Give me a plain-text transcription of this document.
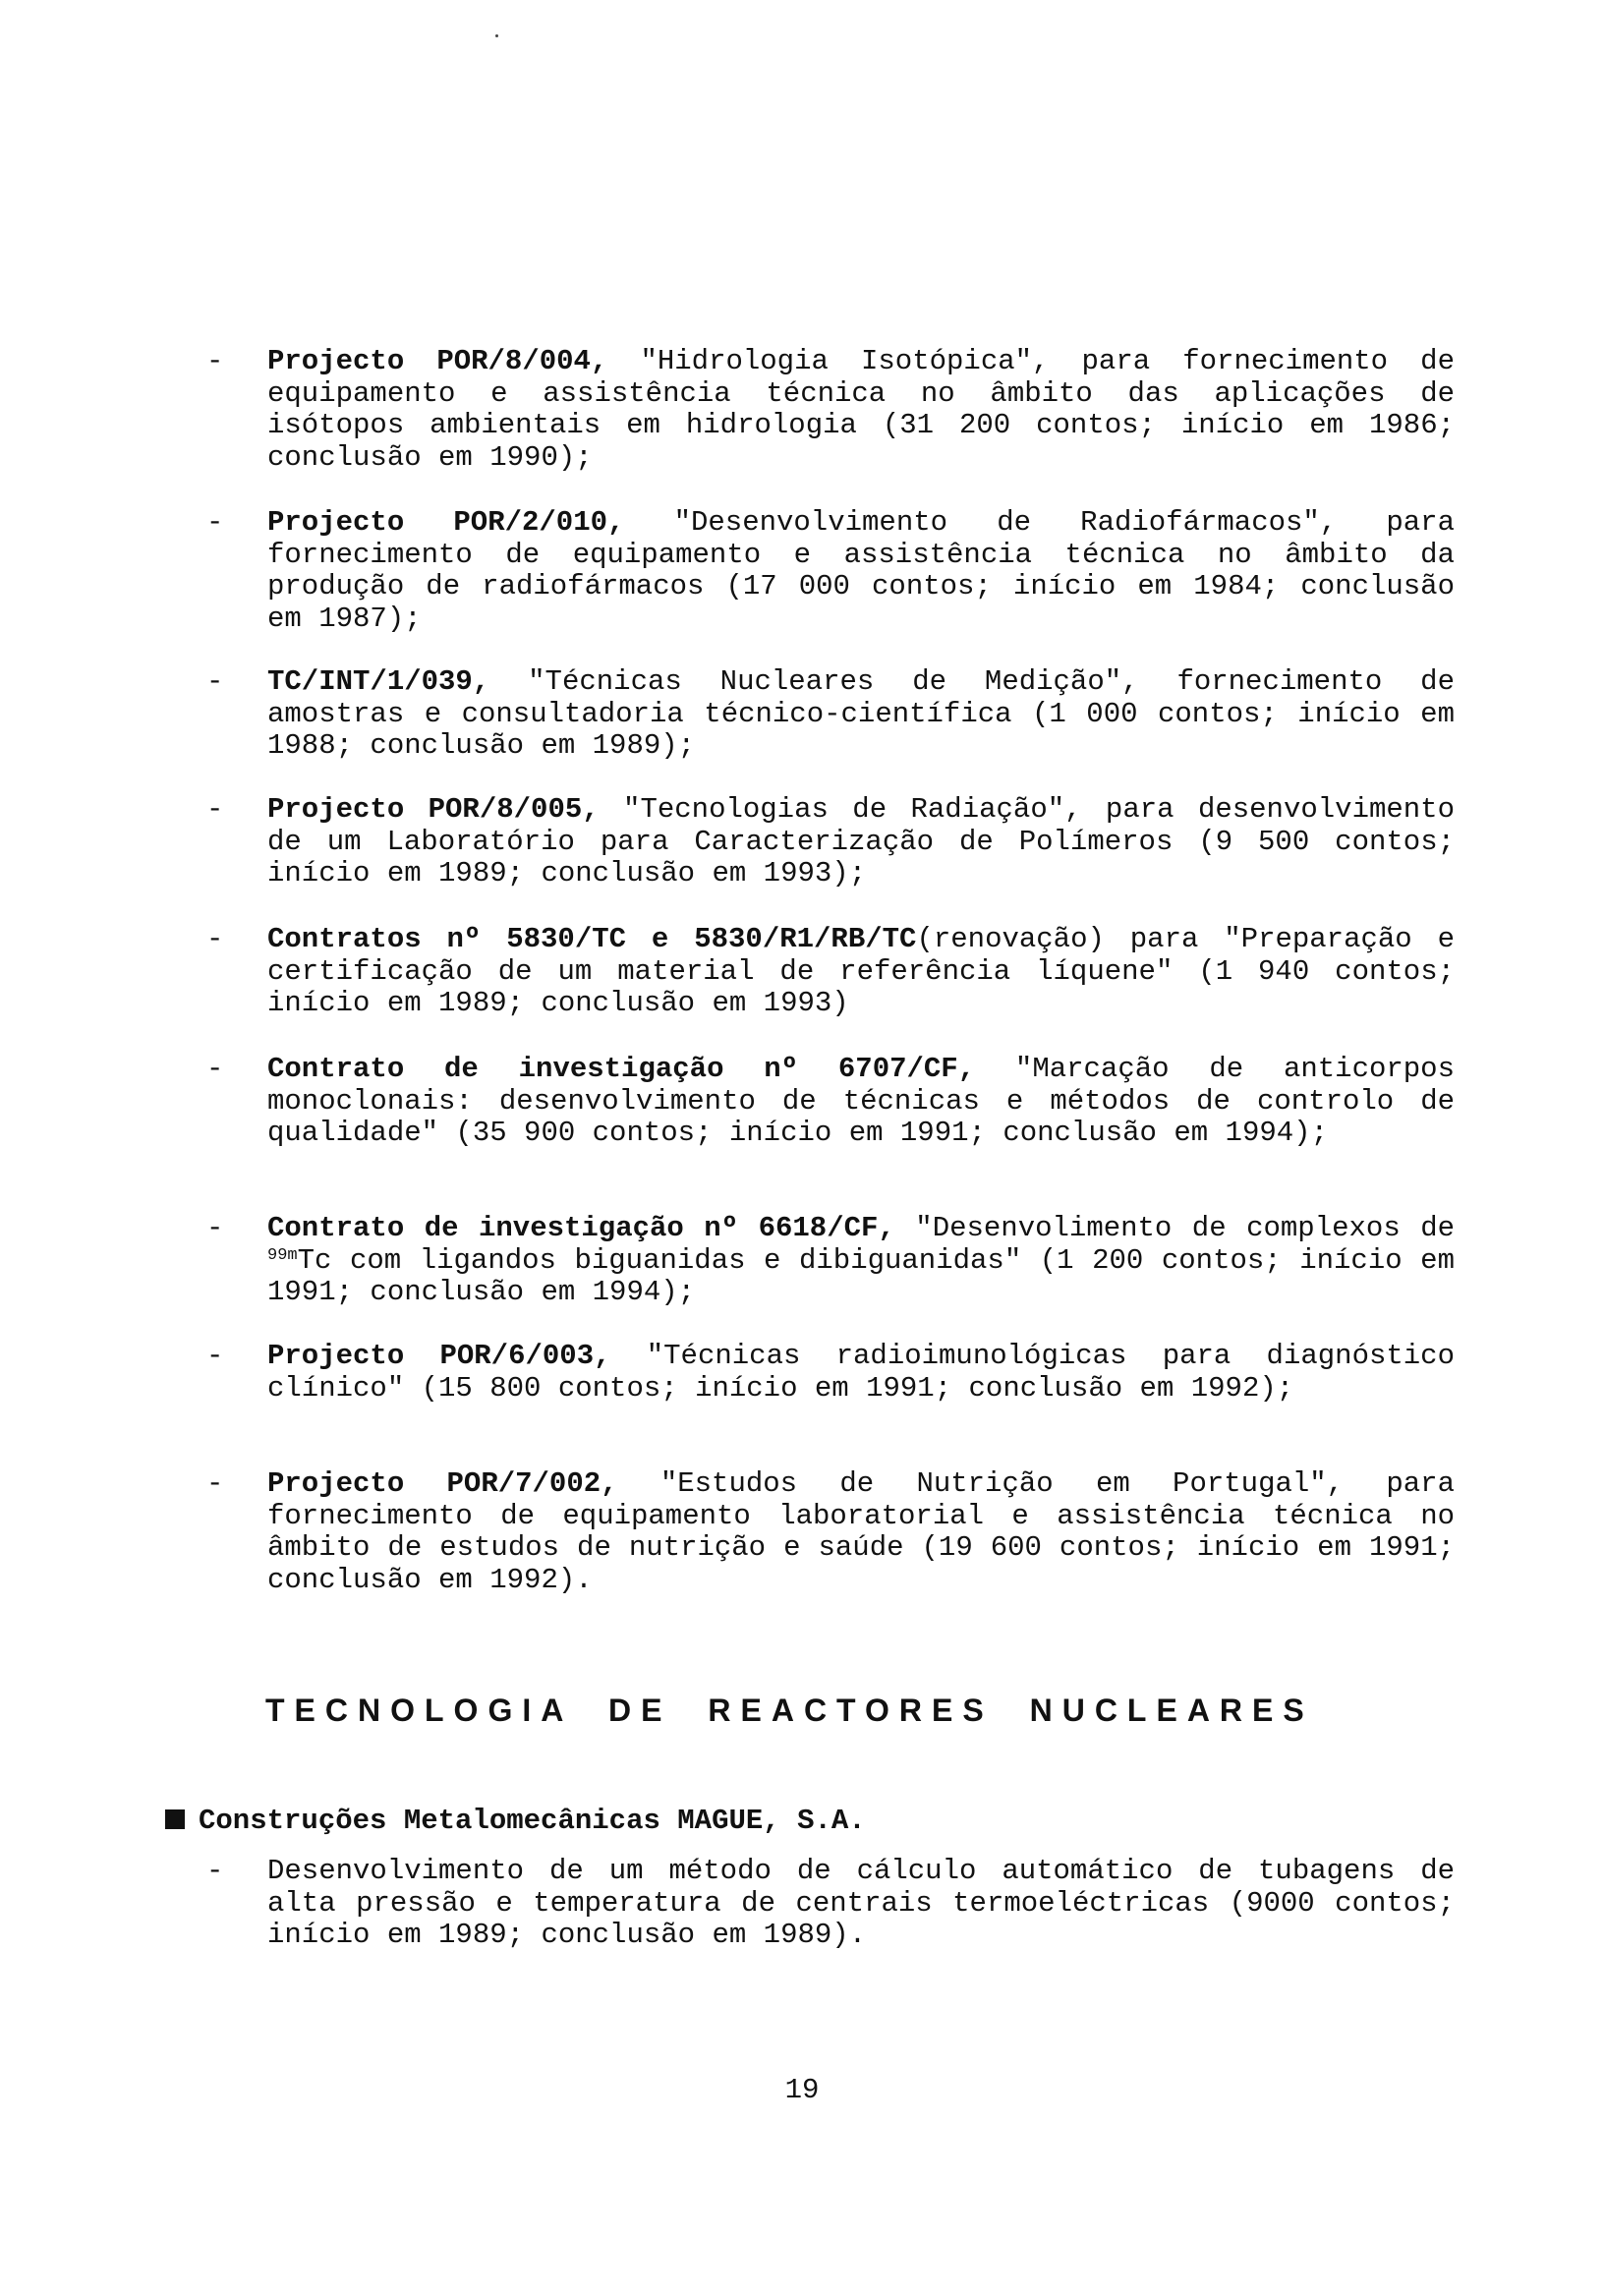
- Projecto POR/8/004, "Hidrologia Isotópica", para fornecimento de equipamento e assistência técnica no âmbito das aplicações de isótopos ambientais em hidrologia (31 200 contos; início em 1986; conclusão em 1990);
- Projecto POR/2/010, "Desenvolvimento de Radiofármacos", para fornecimento de equipamento e assistência técnica no âmbito da produção de radiofármacos (17 000 contos; início em 1984; conclusão em 1987);
- TC/INT/1/039, "Técnicas Nucleares de Medição", fornecimento de amostras e consultadoria técnico-científica (1 000 contos; início em 1988; conclusão em 1989);
- Projecto POR/8/005, "Tecnologias de Radiação", para desenvolvimento de um Laboratório para Caracterização de Polímeros (9 500 contos; início em 1989; conclusão em 1993);
- Contratos nº 5830/TC e 5830/R1/RB/TC(renovação) para "Preparação e certificação de um material de referência líquene" (1 940 contos; início em 1989; conclusão em 1993)
- Contrato de investigação nº 6707/CF, "Marcação de anticorpos monoclonais: desenvolvimento de técnicas e métodos de controlo de qualidade" (35 900 contos; início em 1991; conclusão em 1994);
- Contrato de investigação nº 6618/CF, "Desenvolimento de complexos de $^{99m}$Tc com ligandos biguanidas e dibiguanidas" (1 200 contos; início em 1991; conclusão em 1994);
- Projecto POR/6/003, "Técnicas radioimunológicas para diagnóstico clínico" (15 800 contos; início em 1991; conclusão em 1992);
- Projecto POR/7/002, "Estudos de Nutrição em Portugal", para fornecimento de equipamento laboratorial e assistência técnica no âmbito de estudos de nutrição e saúde (19 600 contos; início em 1991; conclusão em 1992).
TECNOLOGIA DE REACTORES NUCLEARES
Construções Metalomecânicas MAGUE, S.A.
- Desenvolvimento de um método de cálculo automático de tubagens de alta pressão e temperatura de centrais termoeléctricas (9000 contos; início em 1989; conclusão em 1989).
19
